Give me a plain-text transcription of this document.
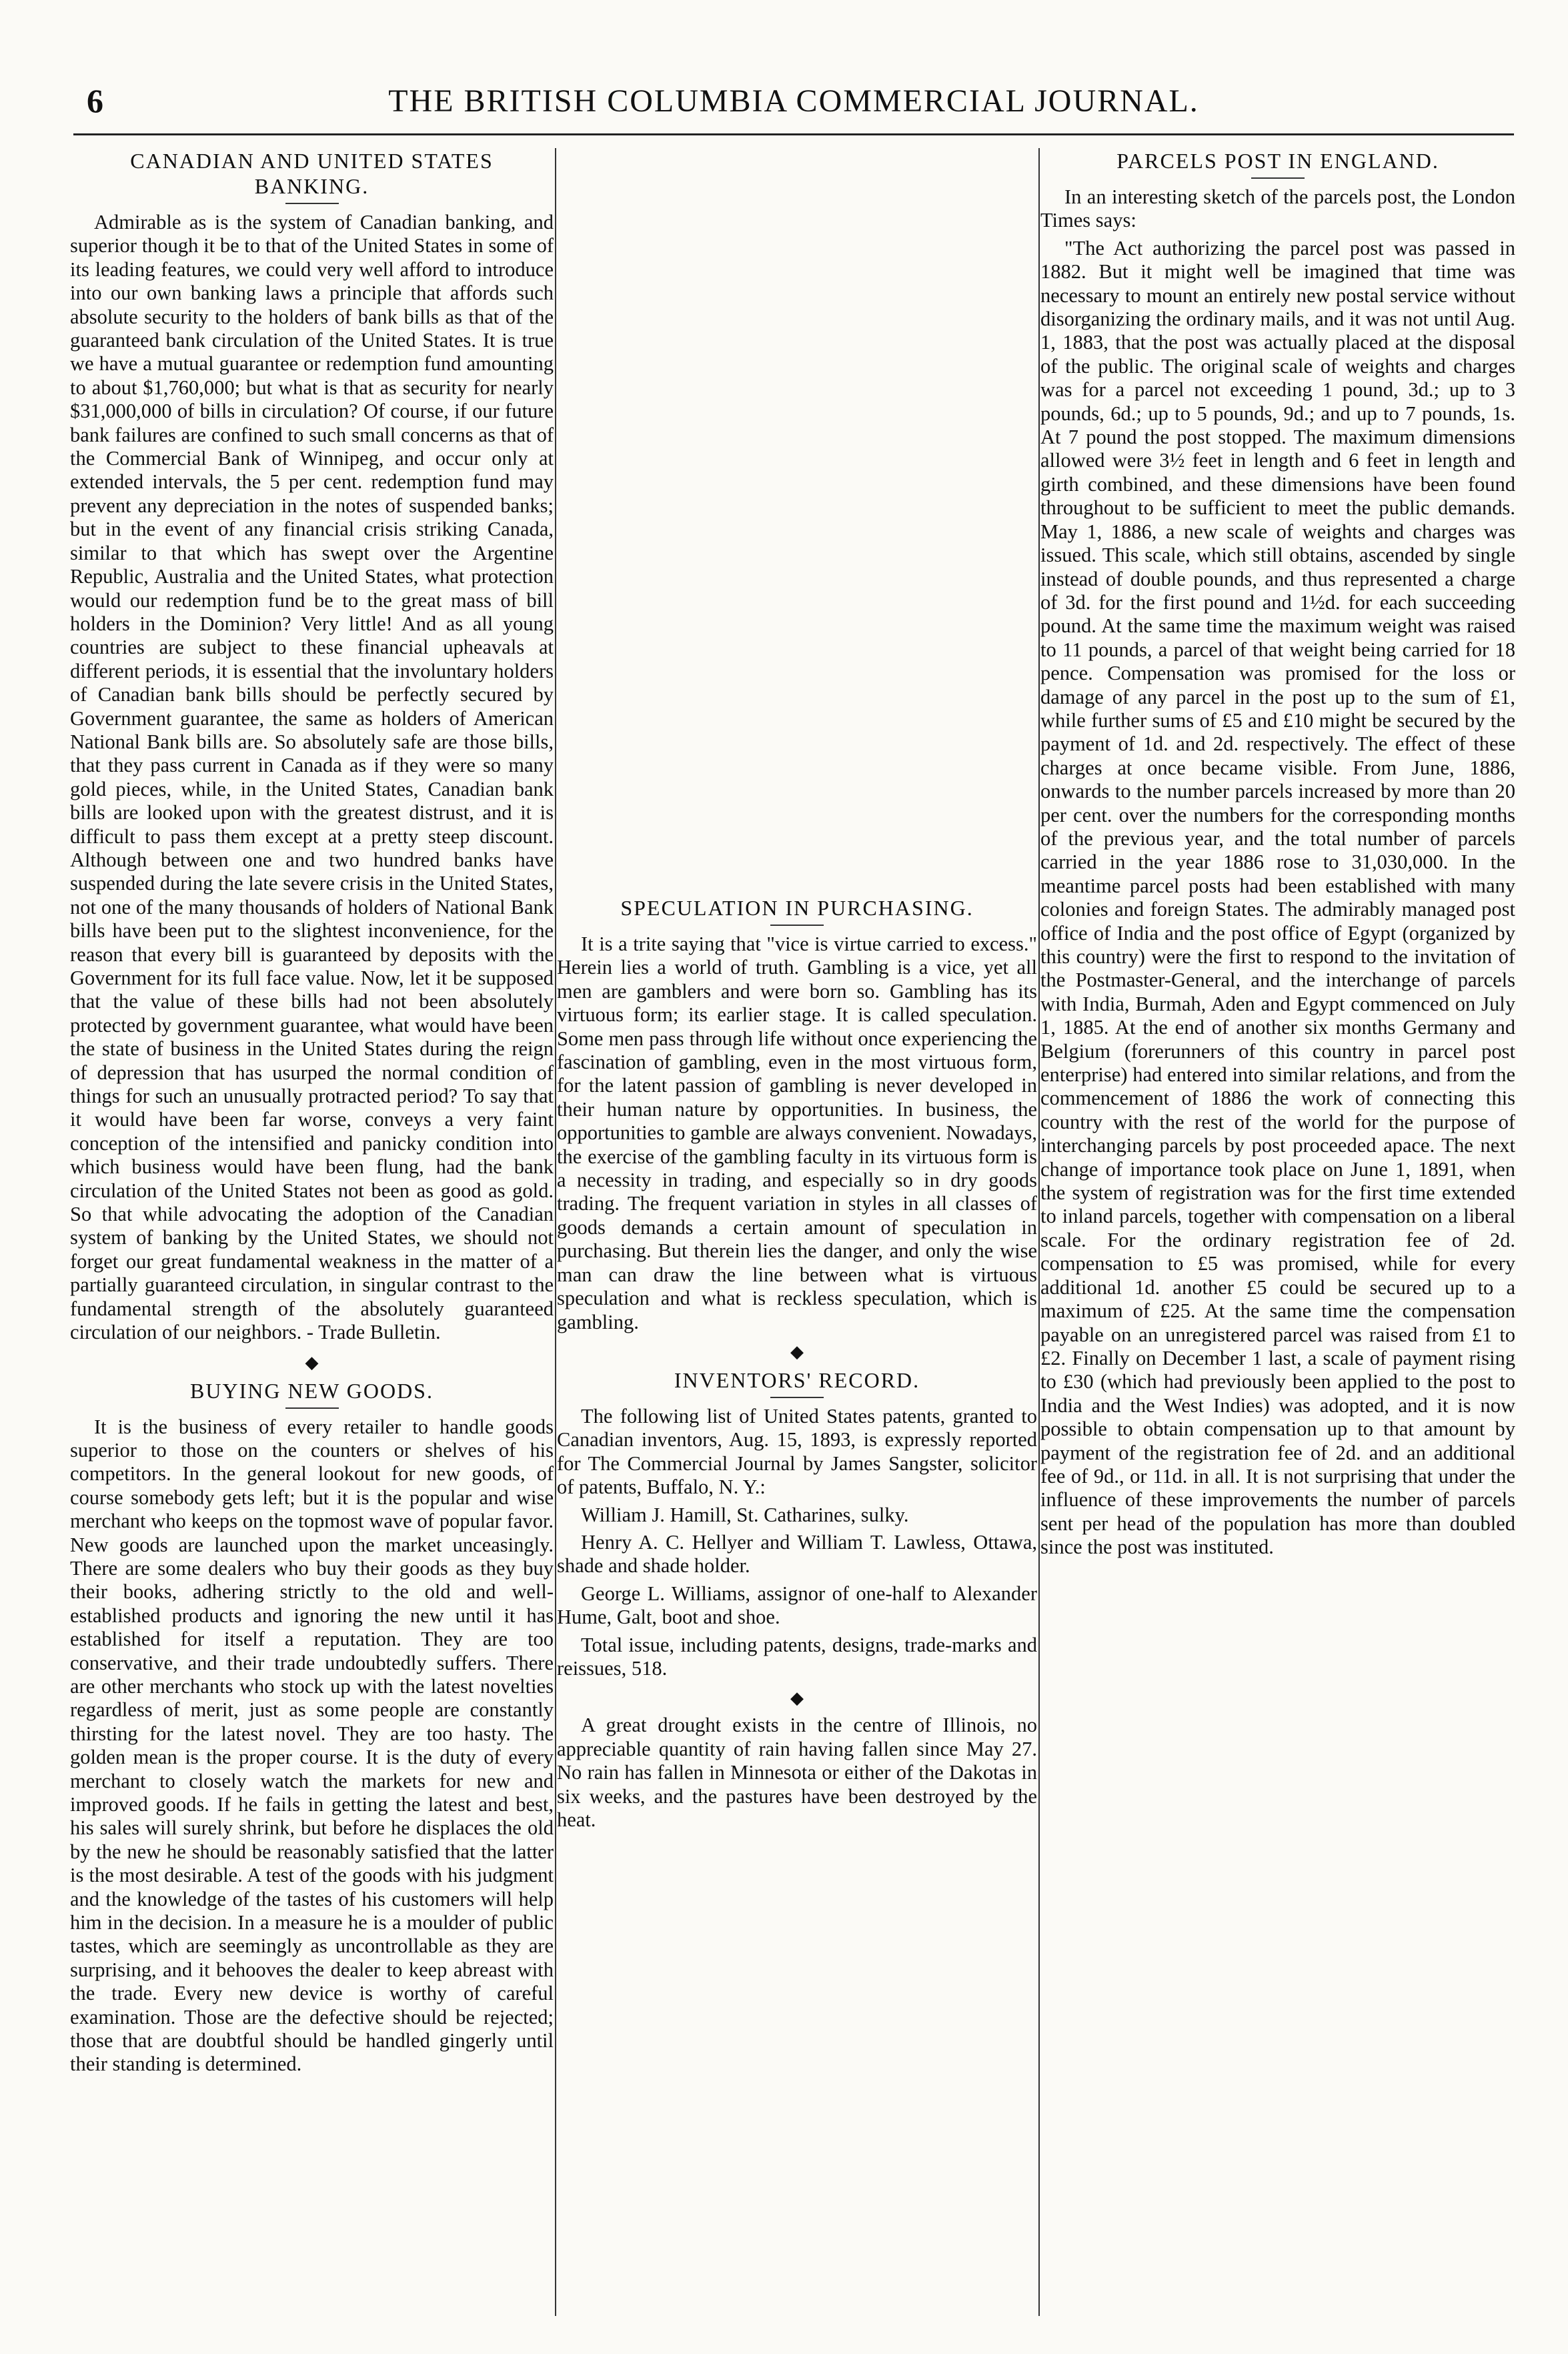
6	THE BRITISH COLUMBIA COMMERCIAL JOURNAL.
CANADIAN AND UNITED STATES BANKING.

Admirable as is the system of Canadian banking, and superior though it be to that of the United States in some of its leading features, we could very well afford to introduce into our own banking laws a principle that affords such absolute security to the holders of bank bills as that of the guaranteed bank circulation of the United States. It is true we have a mutual guarantee or redemption fund amounting to about $1,760,000; but what is that as security for nearly $31,000,000 of bills in circulation? Of course, if our future bank failures are confined to such small concerns as that of the Commercial Bank of Winnipeg, and occur only at extended intervals, the 5 per cent. redemption fund may prevent any depreciation in the notes of suspended banks; but in the event of any financial crisis striking Canada, similar to that which has swept over the Argentine Republic, Australia and the United States, what protection would our redemption fund be to the great mass of bill holders in the Dominion? Very little! And as all young countries are subject to these financial upheavals at different periods, it is essential that the involuntary holders of Canadian bank bills should be perfectly secured by Government guarantee, the same as holders of American National Bank bills are. So absolutely safe are those bills, that they pass current in Canada as if they were so many gold pieces, while, in the United States, Canadian bank bills are looked upon with the greatest distrust, and it is difficult to pass them except at a pretty steep discount. Although between one and two hundred banks have suspended during the late severe crisis in the United States, not one of the many thousands of holders of National Bank bills have been put to the slightest inconvenience, for the reason that every bill is guaranteed by deposits with the Government for its full face value. Now, let it be supposed that the value of these bills had not been absolutely protected by government guarantee, what would have been the state of business in the United States during the reign of depression that has usurped the normal condition of things for such an unusually protracted period? To say that it would have been far worse, conveys a very faint conception of the intensified and panicky condition into which business would have been flung, had the bank circulation of the United States not been as good as gold. So that while advocating the adoption of the Canadian system of banking by the United States, we should not forget our great fundamental weakness in the matter of a partially guaranteed circulation, in singular contrast to the fundamental strength of the absolutely guaranteed circulation of our neighbors. - Trade Bulletin.

◆
BUYING NEW GOODS.

It is the business of every retailer to handle goods superior to those on the counters or shelves of his competitors. In the general lookout for new goods, of course somebody gets left; but it is the popular and wise merchant who keeps on the topmost wave of popular favor. New goods are launched upon the market unceasingly. There are some dealers who buy their goods as they buy their books, adhering strictly to the old and well-established products and ignoring the new until it has established for itself a reputation. They are too conservative, and their trade undoubtedly suffers. There are other merchants who stock up with the latest novelties regardless of merit, just as some people are constantly thirsting for the latest novel. They are too hasty. The golden mean is the proper course. It is the duty of every merchant to closely watch the markets for new and improved goods. If he fails in getting the latest and best, his sales will surely shrink, but before he displaces the old by the new he should be reasonably satisfied that the latter is the most desirable. A test of the goods with his judgment and the knowledge of the tastes of his customers will help him in the decision. In a measure he is a moulder of public tastes, which are seemingly as uncontrollable as they are surprising, and it behooves the dealer to keep abreast with the trade. Every new device is worthy of careful examination. Those are the defective should be rejected; those that are doubtful should be handled gingerly until their standing is determined.

SPECULATION IN PURCHASING.

It is a trite saying that "vice is virtue carried to excess." Herein lies a world of truth. Gambling is a vice, yet all men are gamblers and were born so. Gambling has its virtuous form; its earlier stage. It is called speculation. Some men pass through life without once experiencing the fascination of gambling, even in the most virtuous form, for the latent passion of gambling is never developed in their human nature by opportunities. In business, the opportunities to gamble are always convenient. Nowadays, the exercise of the gambling faculty in its virtuous form is a necessity in trading, and especially so in dry goods trading. The frequent variation in styles in all classes of goods demands a certain amount of speculation in purchasing. But therein lies the danger, and only the wise man can draw the line between what is virtuous speculation and what is reckless speculation, which is gambling.

◆
INVENTORS' RECORD.

The following list of United States patents, granted to Canadian inventors, Aug. 15, 1893, is expressly reported for The Commercial Journal by James Sangster, solicitor of patents, Buffalo, N. Y.:

William J. Hamill, St. Catharines, sulky.

Henry A. C. Hellyer and William T. Lawless, Ottawa, shade and shade holder.

George L. Williams, assignor of one-half to Alexander Hume, Galt, boot and shoe.

Total issue, including patents, designs, trade-marks and reissues, 518.

◆

A great drought exists in the centre of Illinois, no appreciable quantity of rain having fallen since May 27. No rain has fallen in Minnesota or either of the Dakotas in six weeks, and the pastures have been destroyed by the heat.

PARCELS POST IN ENGLAND.

In an interesting sketch of the parcels post, the London Times says:

"The Act authorizing the parcel post was passed in 1882. But it might well be imagined that time was necessary to mount an entirely new postal service without disorganizing the ordinary mails, and it was not until Aug. 1, 1883, that the post was actually placed at the disposal of the public. The original scale of weights and charges was for a parcel not exceeding 1 pound, 3d.; up to 3 pounds, 6d.; up to 5 pounds, 9d.; and up to 7 pounds, 1s. At 7 pound the post stopped. The maximum dimensions allowed were 3½ feet in length and 6 feet in length and girth combined, and these dimensions have been found throughout to be sufficient to meet the public demands. May 1, 1886, a new scale of weights and charges was issued. This scale, which still obtains, ascended by single instead of double pounds, and thus represented a charge of 3d. for the first pound and 1½d. for each succeeding pound. At the same time the maximum weight was raised to 11 pounds, a parcel of that weight being carried for 18 pence. Compensation was promised for the loss or damage of any parcel in the post up to the sum of £1, while further sums of £5 and £10 might be secured by the payment of 1d. and 2d. respectively. The effect of these charges at once became visible. From June, 1886, onwards to the number parcels increased by more than 20 per cent. over the numbers for the corresponding months of the previous year, and the total number of parcels carried in the year 1886 rose to 31,030,000. In the meantime parcel posts had been established with many colonies and foreign States. The admirably managed post office of India and the post office of Egypt (organized by this country) were the first to respond to the invitation of the Postmaster-General, and the interchange of parcels with India, Burmah, Aden and Egypt commenced on July 1, 1885. At the end of another six months Germany and Belgium (forerunners of this country in parcel post enterprise) had entered into similar relations, and from the commencement of 1886 the work of connecting this country with the rest of the world for the purpose of interchanging parcels by post proceeded apace. The next change of importance took place on June 1, 1891, when the system of registration was for the first time extended to inland parcels, together with compensation on a liberal scale. For the ordinary registration fee of 2d. compensation to £5 was promised, while for every additional 1d. another £5 could be secured up to a maximum of £25. At the same time the compensation payable on an unregistered parcel was raised from £1 to £2. Finally on December 1 last, a scale of payment rising to £30 (which had previously been applied to the post to India and the West Indies) was adopted, and it is now possible to obtain compensation up to that amount by payment of the registration fee of 2d. and an additional fee of 9d., or 11d. in all. It is not surprising that under the influence of these improvements the number of parcels sent per head of the population has more than doubled since the post was instituted.
